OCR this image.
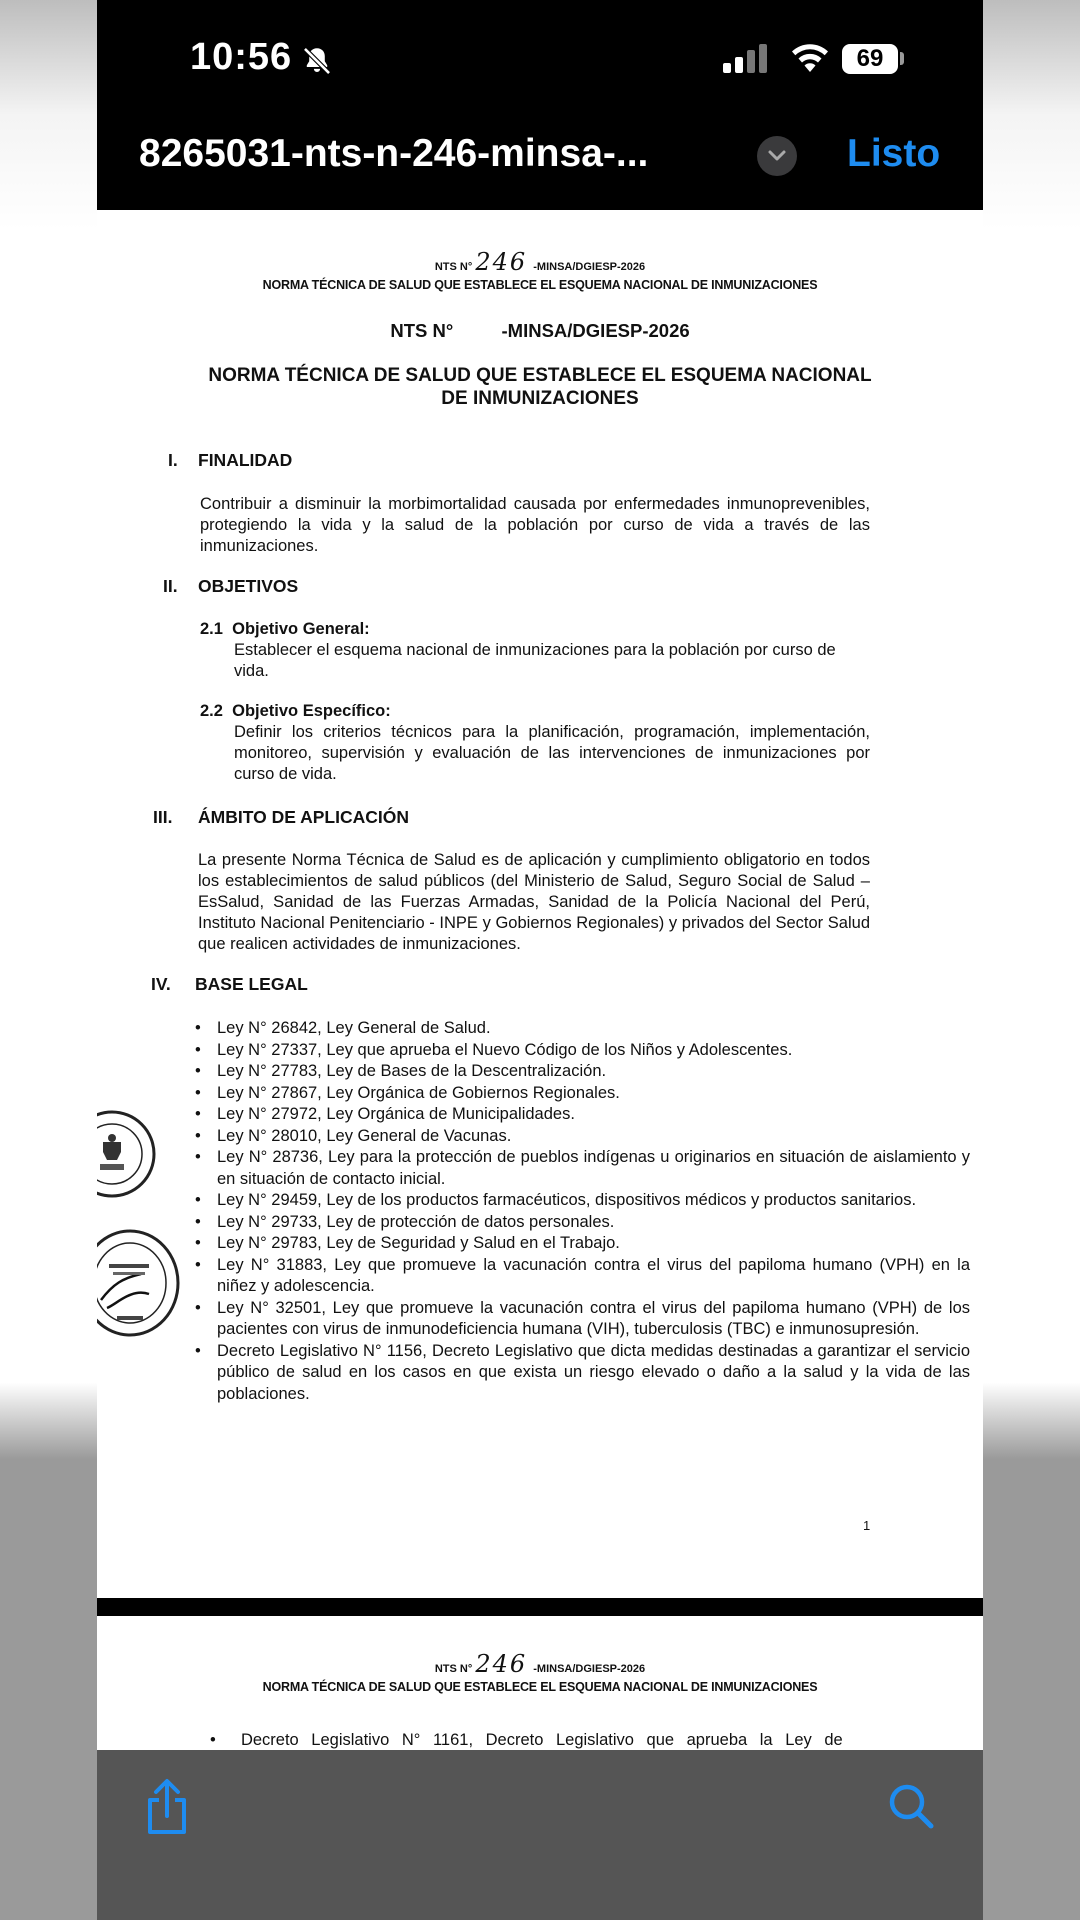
10:56	69
8265031-nts-n-246-minsa-...	Listo
NTS N° 246 -MINSA/DGIESP-2026
NORMA TÉCNICA DE SALUD QUE ESTABLECE EL ESQUEMA NACIONAL DE INMUNIZACIONES
NTS N°	-MINSA/DGIESP-2026
NORMA TÉCNICA DE SALUD QUE ESTABLECE EL ESQUEMA NACIONAL
DE INMUNIZACIONES
I. FINALIDAD
Contribuir a disminuir la morbimortalidad causada por enfermedades inmunoprevenibles, protegiendo la vida y la salud de la población por curso de vida a través de las inmunizaciones.
II. OBJETIVOS
2.1 Objetivo General:
Establecer el esquema nacional de inmunizaciones para la población por curso de vida.
2.2 Objetivo Específico:
Definir los criterios técnicos para la planificación, programación, implementación, monitoreo, supervisión y evaluación de las intervenciones de inmunizaciones por curso de vida.
III. ÁMBITO DE APLICACIÓN
La presente Norma Técnica de Salud es de aplicación y cumplimiento obligatorio en todos los establecimientos de salud públicos (del Ministerio de Salud, Seguro Social de Salud – EsSalud, Sanidad de las Fuerzas Armadas, Sanidad de la Policía Nacional del Perú, Instituto Nacional Penitenciario - INPE y Gobiernos Regionales) y privados del Sector Salud que realicen actividades de inmunizaciones.
IV. BASE LEGAL
• Ley N° 26842, Ley General de Salud.
• Ley N° 27337, Ley que aprueba el Nuevo Código de los Niños y Adolescentes.
• Ley N° 27783, Ley de Bases de la Descentralización.
• Ley N° 27867, Ley Orgánica de Gobiernos Regionales.
• Ley N° 27972, Ley Orgánica de Municipalidades.
• Ley N° 28010, Ley General de Vacunas.
• Ley N° 28736, Ley para la protección de pueblos indígenas u originarios en situación de aislamiento y en situación de contacto inicial.
• Ley N° 29459, Ley de los productos farmacéuticos, dispositivos médicos y productos sanitarios.
• Ley N° 29733, Ley de protección de datos personales.
• Ley N° 29783, Ley de Seguridad y Salud en el Trabajo.
• Ley N° 31883, Ley que promueve la vacunación contra el virus del papiloma humano (VPH) en la niñez y adolescencia.
• Ley N° 32501, Ley que promueve la vacunación contra el virus del papiloma humano (VPH) de los pacientes con virus de inmunodeficiencia humana (VIH), tuberculosis (TBC) e inmunosupresión.
• Decreto Legislativo N° 1156, Decreto Legislativo que dicta medidas destinadas a garantizar el servicio público de salud en los casos en que exista un riesgo elevado o daño a la salud y la vida de las poblaciones.
1
NTS N° 246 -MINSA/DGIESP-2026
NORMA TÉCNICA DE SALUD QUE ESTABLECE EL ESQUEMA NACIONAL DE INMUNIZACIONES
•  Decreto Legislativo N° 1161, Decreto Legislativo que aprueba la Ley de
